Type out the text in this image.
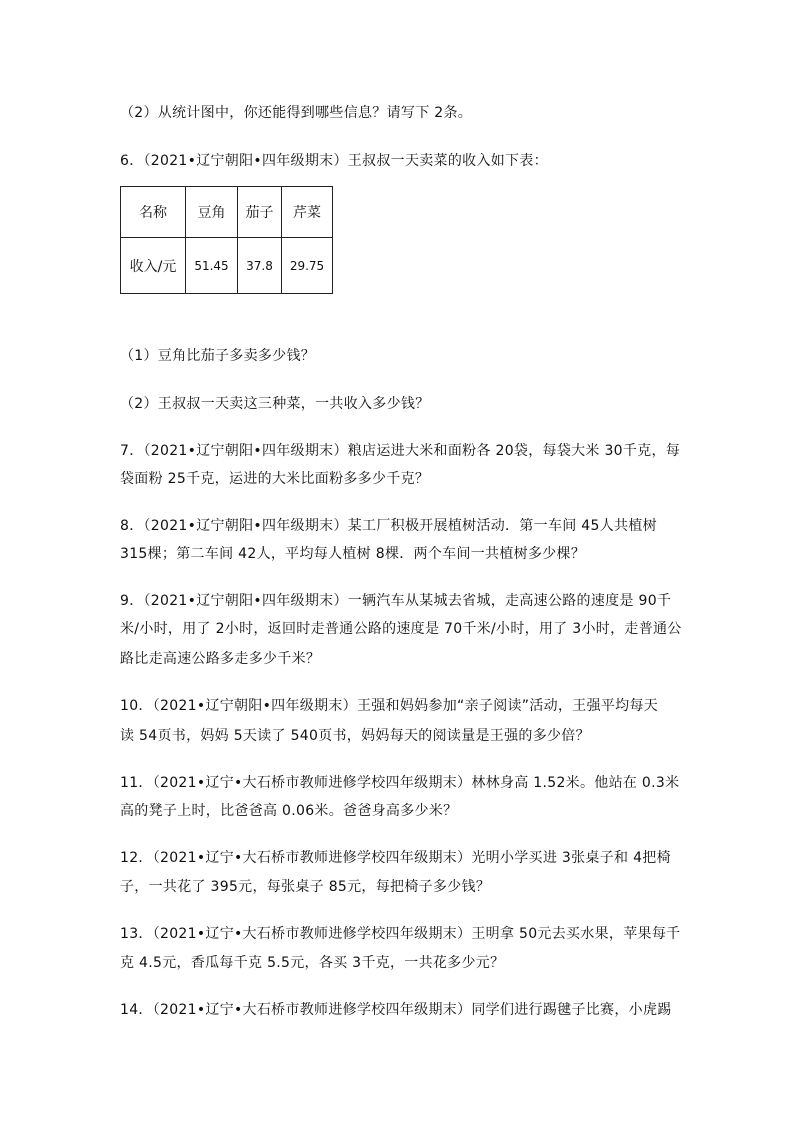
（2）从统计图中，你还能得到哪些信息？请写下 2条。
6．（2021•辽宁朝阳•四年级期末）王叔叔一天卖菜的收入如下表：
名称	豆角	茄子	芹菜
收入/元	51.45	37.8	29.75
（1）豆角比茄子多卖多少钱？
（2）王叔叔一天卖这三种菜，一共收入多少钱？
7．（2021•辽宁朝阳•四年级期末）粮店运进大米和面粉各 20袋，每袋大米 30千克，每
袋面粉 25千克，运进的大米比面粉多多少千克？
8．（2021•辽宁朝阳•四年级期末）某工厂积极开展植树活动．第一车间 45人共植树
315棵；第二车间 42人，平均每人植树 8棵．两个车间一共植树多少棵？
9．（2021•辽宁朝阳•四年级期末）一辆汽车从某城去省城，走高速公路的速度是 90千
米/小时，用了 2小时，返回时走普通公路的速度是 70千米/小时，用了 3小时，走普通公
路比走高速公路多走多少千米？
10．（2021•辽宁朝阳•四年级期末）王强和妈妈参加“亲子阅读”活动，王强平均每天
读 54页书，妈妈 5天读了 540页书，妈妈每天的阅读量是王强的多少倍？
11．（2021•辽宁•大石桥市教师进修学校四年级期末）林林身高 1.52米。他站在 0.3米
高的凳子上时，比爸爸高 0.06米。爸爸身高多少米？
12．（2021•辽宁•大石桥市教师进修学校四年级期末）光明小学买进 3张桌子和 4把椅
子，一共花了 395元，每张桌子 85元，每把椅子多少钱？
13．（2021•辽宁•大石桥市教师进修学校四年级期末）王明拿 50元去买水果，苹果每千
克 4.5元，香瓜每千克 5.5元，各买 3千克，一共花多少元？
14．（2021•辽宁•大石桥市教师进修学校四年级期末）同学们进行踢毽子比赛，小虎踢
